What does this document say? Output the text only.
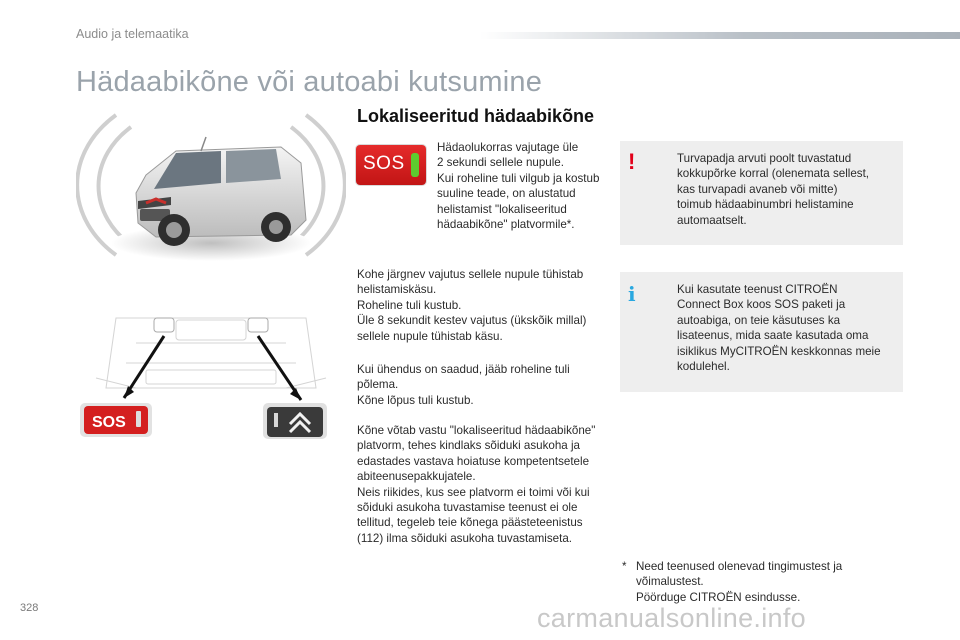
Audio ja telemaatika
Hädaabikõne või autoabi kutsumine
Lokaliseeritud hädaabikõne
SOS
SOS

Hädaolukorras vajutage üle
2 sekundi sellele nupule.
Kui roheline tuli vilgub ja kostub
suuline teade, on alustatud
helistamist "lokaliseeritud
hädaabikõne" platvormile*.

Kohe järgnev vajutus sellele nupule tühistab
helistamiskäsu.
Roheline tuli kustub.
Üle 8 sekundit kestev vajutus (ükskõik millal)
sellele nupule tühistab käsu.

Kui ühendus on saadud, jääb roheline tuli
põlema.
Kõne lõpus tuli kustub.

Kõne võtab vastu "lokaliseeritud hädaabikõne"
platvorm, tehes kindlaks sõiduki asukoha ja
edastades vastava hoiatuse kompetentsetele
abiteenusepakkujatele.
Neis riikides, kus see platvorm ei toimi või kui
sõiduki asukoha tuvastamise teenust ei ole
tellitud, tegeleb teie kõnega päästeteenistus
(112) ilma sõiduki asukoha tuvastamiseta.

!	Turvapadja arvuti poolt tuvastatud
kokkupõrke korral (olenemata sellest,
kas turvapadi avaneb või mitte)
toimub hädaabinumbri helistamine
automaatselt.

i	Kui kasutate teenust CITROËN
Connect Box koos SOS paketi ja
autoabiga, on teie käsutuses ka
lisateenus, mida saate kasutada oma
isiklikus MyCITROËN keskkonnas meie
kodulehel.

* Need teenused olenevad tingimustest ja
võimalustest.
Pöörduge CITROËN esindusse.

328	carmanualsonline.info
